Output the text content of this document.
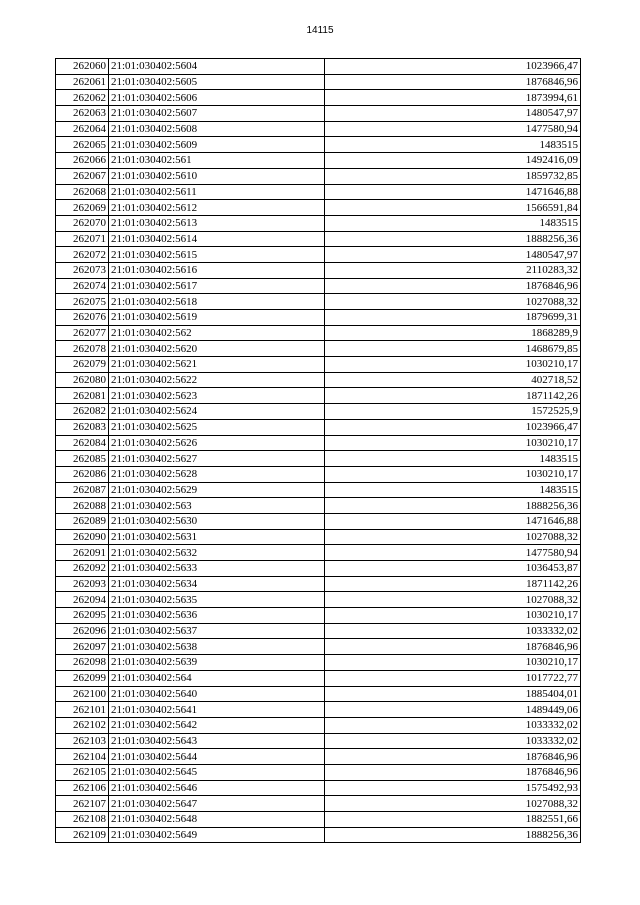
14115
262060	21:01:030402:5604	1023966,47
262061	21:01:030402:5605	1876846,96
262062	21:01:030402:5606	1873994,61
262063	21:01:030402:5607	1480547,97
262064	21:01:030402:5608	1477580,94
262065	21:01:030402:5609	1483515
262066	21:01:030402:561	1492416,09
262067	21:01:030402:5610	1859732,85
262068	21:01:030402:5611	1471646,88
262069	21:01:030402:5612	1566591,84
262070	21:01:030402:5613	1483515
262071	21:01:030402:5614	1888256,36
262072	21:01:030402:5615	1480547,97
262073	21:01:030402:5616	2110283,32
262074	21:01:030402:5617	1876846,96
262075	21:01:030402:5618	1027088,32
262076	21:01:030402:5619	1879699,31
262077	21:01:030402:562	1868289,9
262078	21:01:030402:5620	1468679,85
262079	21:01:030402:5621	1030210,17
262080	21:01:030402:5622	402718,52
262081	21:01:030402:5623	1871142,26
262082	21:01:030402:5624	1572525,9
262083	21:01:030402:5625	1023966,47
262084	21:01:030402:5626	1030210,17
262085	21:01:030402:5627	1483515
262086	21:01:030402:5628	1030210,17
262087	21:01:030402:5629	1483515
262088	21:01:030402:563	1888256,36
262089	21:01:030402:5630	1471646,88
262090	21:01:030402:5631	1027088,32
262091	21:01:030402:5632	1477580,94
262092	21:01:030402:5633	1036453,87
262093	21:01:030402:5634	1871142,26
262094	21:01:030402:5635	1027088,32
262095	21:01:030402:5636	1030210,17
262096	21:01:030402:5637	1033332,02
262097	21:01:030402:5638	1876846,96
262098	21:01:030402:5639	1030210,17
262099	21:01:030402:564	1017722,77
262100	21:01:030402:5640	1885404,01
262101	21:01:030402:5641	1489449,06
262102	21:01:030402:5642	1033332,02
262103	21:01:030402:5643	1033332,02
262104	21:01:030402:5644	1876846,96
262105	21:01:030402:5645	1876846,96
262106	21:01:030402:5646	1575492,93
262107	21:01:030402:5647	1027088,32
262108	21:01:030402:5648	1882551,66
262109	21:01:030402:5649	1888256,36
